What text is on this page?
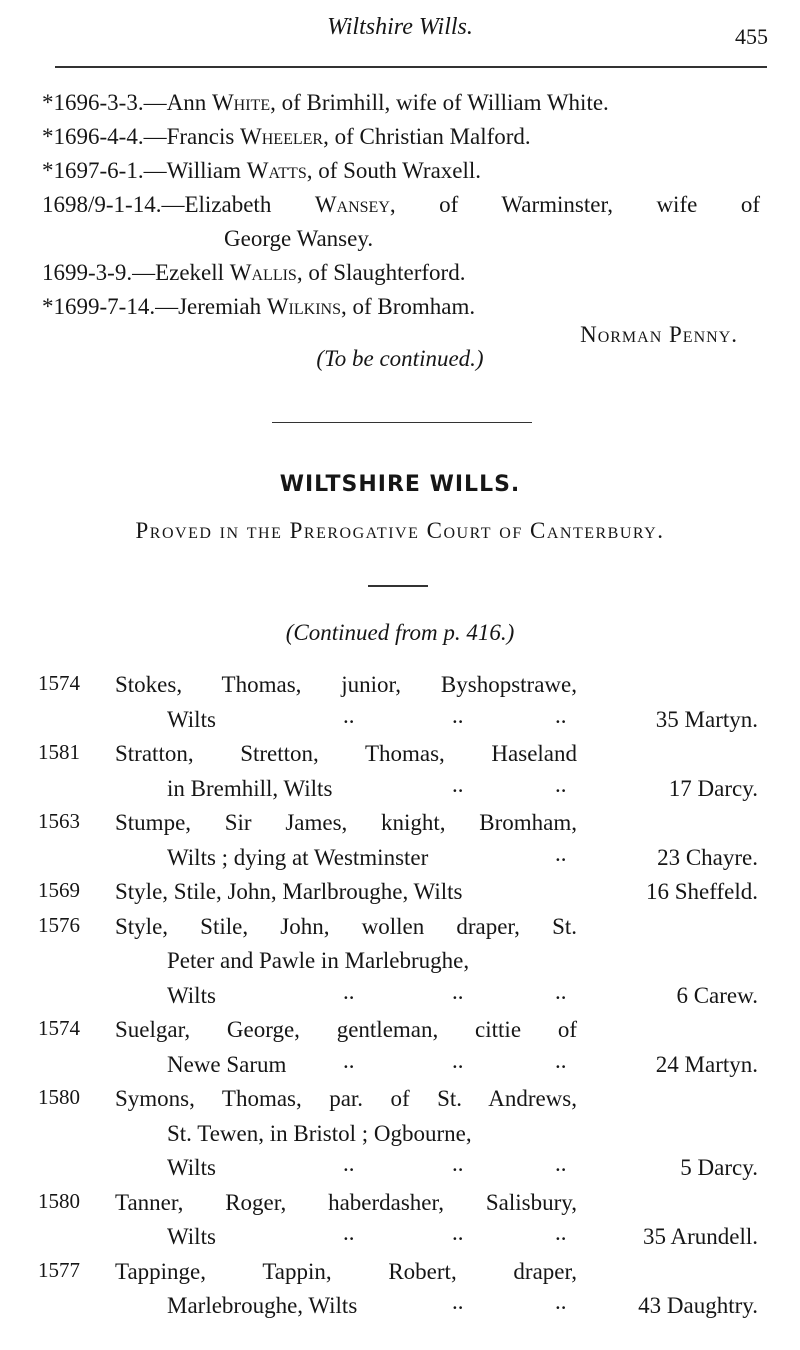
Wiltshire Wills.	455
*1696-3-3.—Ann White, of Brimhill, wife of William White.
*1696-4-4.—Francis Wheeler, of Christian Malford.
*1697-6-1.—William Watts, of South Wraxell.
1698/9-1-14.—Elizabeth Wansey, of Warminster, wife of
George Wansey.
1699-3-9.—Ezekell Wallis, of Slaughterford.
*1699-7-14.—Jeremiah Wilkins, of Bromham.
Norman Penny.
(To be continued.)
WILTSHIRE WILLS.
Proved in the Prerogative Court of Canterbury.
(Continued from p. 416.)
1574 Stokes, Thomas, junior, Byshopstrawe,
Wilts	..	..	..	35 Martyn.
1581 Stratton, Stretton, Thomas, Haseland
in Bremhill, Wilts	..	..	17 Darcy.
1563 Stumpe, Sir James, knight, Bromham,
Wilts ; dying at Westminster	..	23 Chayre.
1569 Style, Stile, John, Marlbroughe, Wilts	16 Sheffeld.
1576 Style, Stile, John, wollen draper, St.
Peter and Pawle in Marlebrughe,
Wilts	..	..	..	6 Carew.
1574 Suelgar, George, gentleman, cittie of
Newe Sarum ..	..	..	24 Martyn.
1580 Symons, Thomas, par. of St. Andrews,
St. Tewen, in Bristol ; Ogbourne,
Wilts	..	..	..	5 Darcy.
1580 Tanner, Roger, haberdasher, Salisbury,
Wilts	..	..	..	35 Arundell.
1577 Tappinge, Tappin, Robert, draper,
Marlebroughe, Wilts	..	..	43 Daughtry.
